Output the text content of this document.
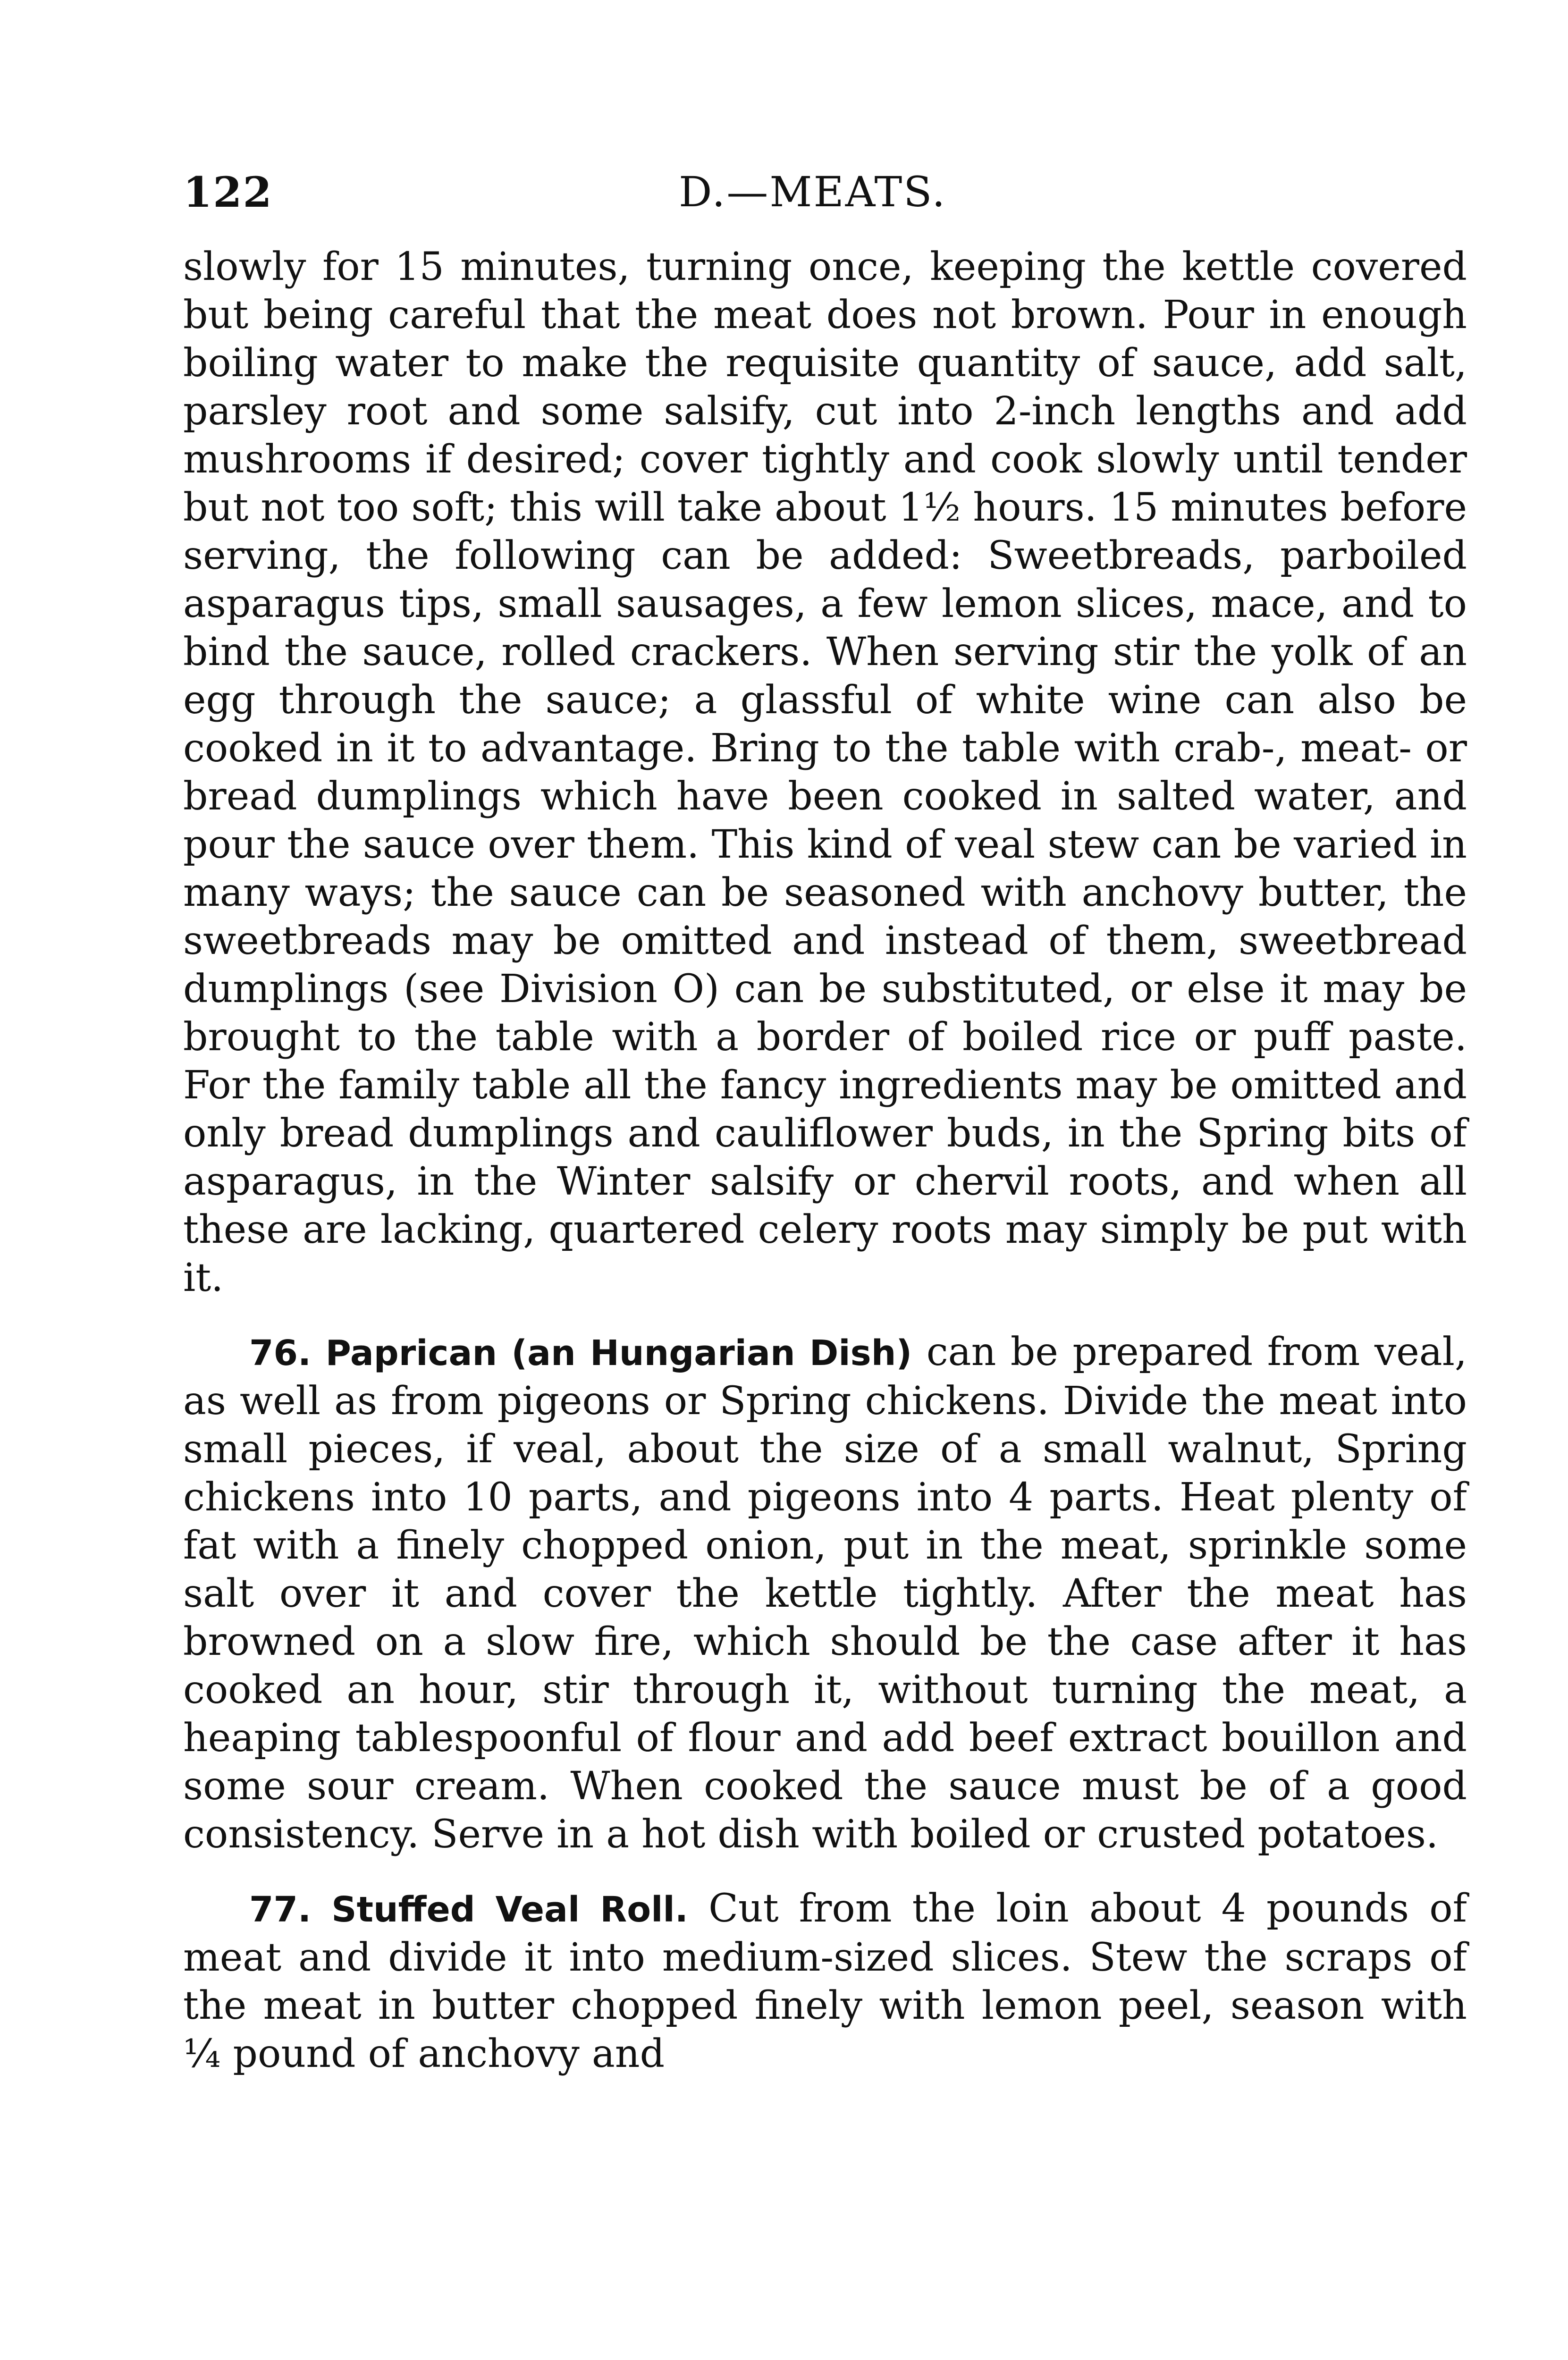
122	D.—MEATS.

slowly for 15 minutes, turning once, keeping the kettle covered but being careful that the meat does not brown. Pour in enough boiling water to make the requisite quantity of sauce, add salt, parsley root and some salsify, cut into 2-inch lengths and add mushrooms if desired; cover tightly and cook slowly until tender but not too soft; this will take about 1½ hours. 15 minutes before serving, the following can be added: Sweetbreads, parboiled asparagus tips, small sausages, a few lemon slices, mace, and to bind the sauce, rolled crackers. When serving stir the yolk of an egg through the sauce; a glassful of white wine can also be cooked in it to advantage. Bring to the table with crab-, meat- or bread dumplings which have been cooked in salted water, and pour the sauce over them. This kind of veal stew can be varied in many ways; the sauce can be seasoned with anchovy butter, the sweetbreads may be omitted and instead of them, sweetbread dumplings (see Division O) can be substituted, or else it may be brought to the table with a border of boiled rice or puff paste. For the family table all the fancy ingredients may be omitted and only bread dumplings and cauliflower buds, in the Spring bits of asparagus, in the Winter salsify or chervil roots, and when all these are lacking, quartered celery roots may simply be put with it.

76. Paprican (an Hungarian Dish) can be prepared from veal, as well as from pigeons or Spring chickens. Divide the meat into small pieces, if veal, about the size of a small walnut, Spring chickens into 10 parts, and pigeons into 4 parts. Heat plenty of fat with a finely chopped onion, put in the meat, sprinkle some salt over it and cover the kettle tightly. After the meat has browned on a slow fire, which should be the case after it has cooked an hour, stir through it, without turning the meat, a heaping tablespoonful of flour and add beef extract bouillon and some sour cream. When cooked the sauce must be of a good consistency. Serve in a hot dish with boiled or crusted potatoes.

77. Stuffed Veal Roll. Cut from the loin about 4 pounds of meat and divide it into medium-sized slices. Stew the scraps of the meat in butter chopped finely with lemon peel, season with ¼ pound of anchovy and
